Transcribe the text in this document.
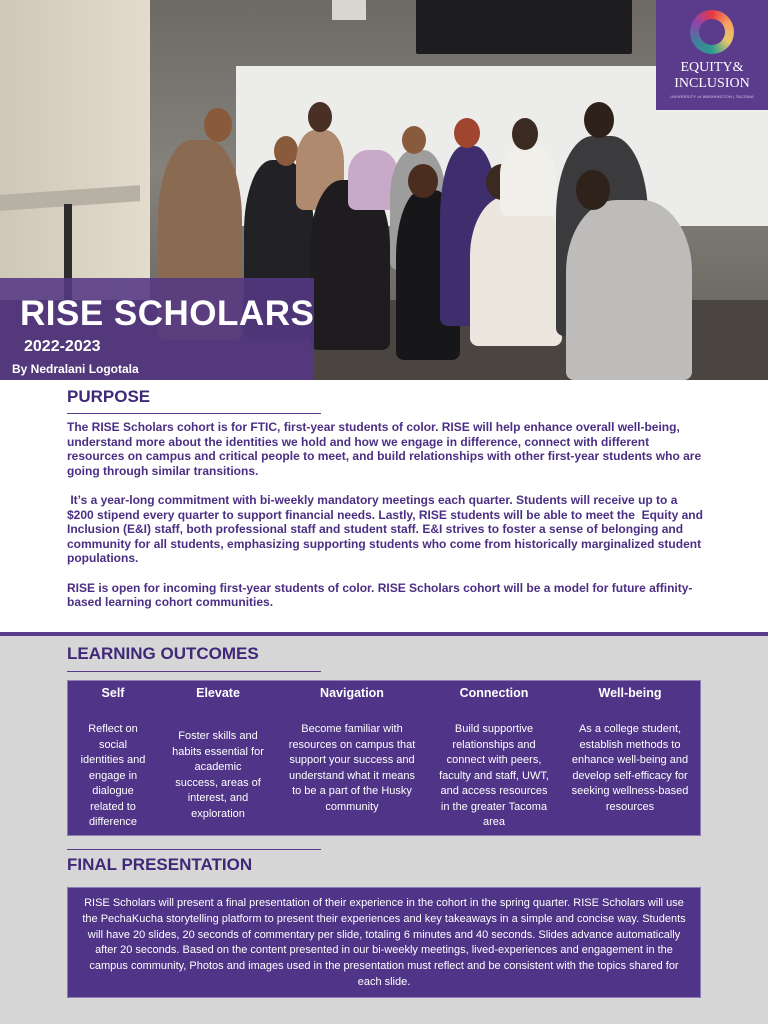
EQUITY&
INCLUSION
UNIVERSITY of WASHINGTON | TACOMA
RISE SCHOLARS
2022-2023
By Nedralani Logotala
PURPOSE

The RISE Scholars cohort is for FTIC, first-year students of color. RISE will help enhance overall well-being, understand more about the identities we hold and how we engage in difference, connect with different resources on campus and critical people to meet, and build relationships with other first-year students who are going through similar transitions.

It’s a year-long commitment with bi-weekly mandatory meetings each quarter. Students will receive up to a $200 stipend every quarter to support financial needs. Lastly, RISE students will be able to meet the  Equity and Inclusion (E&I) staff, both professional staff and student staff. E&I strives to foster a sense of belonging and community for all students, emphasizing supporting students who come from historically marginalized student populations.

RISE is open for incoming first-year students of color. RISE Scholars cohort will be a model for future affinity-based learning cohort communities.

LEARNING OUTCOMES
FINAL PRESENTATION
Self
Reflect on social identities and engage in dialogue related to difference
Elevate
Foster skills and habits essential for academic success, areas of interest, and exploration
Navigation
Become familiar with resources on campus that support your success and understand what it means to be a part of the Husky community
Connection
Build supportive relationships and connect with peers, faculty and staff, UWT, and access resources in the greater Tacoma area
Well-being
As a college student, establish methods to enhance well-being and develop self-efficacy for seeking wellness-based resources
RISE Scholars will present a final presentation of their experience in the cohort in the spring quarter. RISE Scholars will use the PechaKucha storytelling platform to present their experiences and key takeaways in a simple and concise way. Students will have 20 slides, 20 seconds of commentary per slide, totaling 6 minutes and 40 seconds. Slides advance automatically after 20 seconds. Based on the content presented in our bi-weekly meetings, lived-experiences and engagement in the campus community, Photos and images used in the presentation must reflect and be consistent with the topics shared for each slide.
